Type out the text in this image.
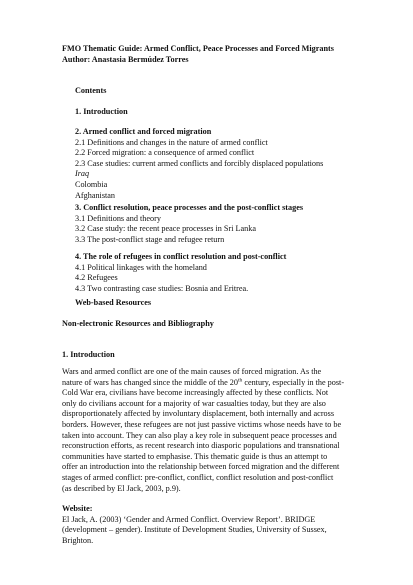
FMO Thematic Guide: Armed Conflict, Peace Processes and Forced Migrants
Author: Anastasia Bermúdez Torres
Contents
1. Introduction
2. Armed conflict and forced migration
2.1 Definitions and changes in the nature of armed conflict
2.2 Forced migration: a consequence of armed conflict
2.3 Case studies: current armed conflicts and forcibly displaced populations
Iraq
Colombia
Afghanistan
3. Conflict resolution, peace processes and the post-conflict stages
3.1 Definitions and theory
3.2 Case study: the recent peace processes in Sri Lanka
3.3 The post-conflict stage and refugee return
4. The role of refugees in conflict resolution and post-conflict
4.1 Political linkages with the homeland
4.2 Refugees
4.3 Two contrasting case studies: Bosnia and Eritrea.
Web-based Resources
Non-electronic Resources and Bibliography
1. Introduction
Wars and armed conflict are one of the main causes of forced migration. As the
nature of wars has changed since the middle of the 20th century, especially in the post-
Cold War era, civilians have become increasingly affected by these conflicts. Not
only do civilians account for a majority of war casualties today, but they are also
disproportionately affected by involuntary displacement, both internally and across
borders. However, these refugees are not just passive victims whose needs have to be
taken into account. They can also play a key role in subsequent peace processes and
reconstruction efforts, as recent research into diasporic populations and transnational
communities have started to emphasise. This thematic guide is thus an attempt to
offer an introduction into the relationship between forced migration and the different
stages of armed conflict: pre-conflict, conflict, conflict resolution and post-conflict
(as described by El Jack, 2003, p.9).
Website:
El Jack, A. (2003) ‘Gender and Armed Conflict. Overview Report’. BRIDGE
(development – gender). Institute of Development Studies, University of Sussex,
Brighton.
